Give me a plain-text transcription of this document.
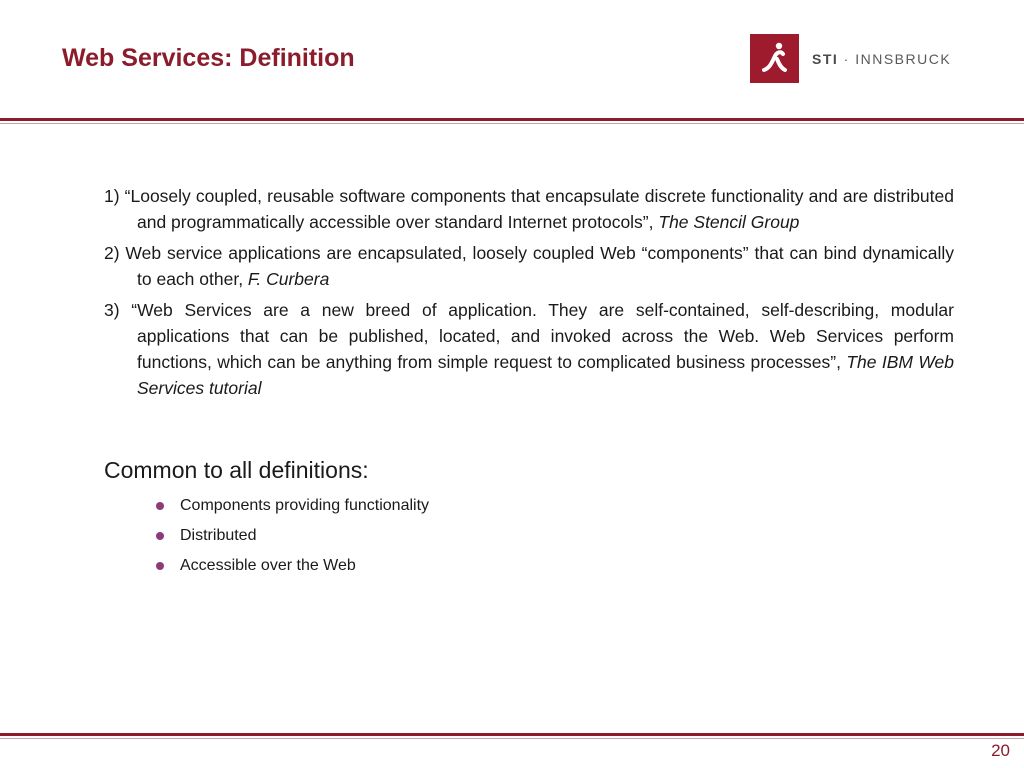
Web Services: Definition	STI · INNSBRUCK

1) “Loosely coupled, reusable software components that encapsulate discrete functionality and are distributed and programmatically accessible over standard Internet protocols”, The Stencil Group

2) Web service applications are encapsulated, loosely coupled Web “components” that can bind dynamically to each other, F. Curbera

3) “Web Services are a new breed of application. They are self-contained, self-describing, modular applications that can be published, located, and invoked across the Web. Web Services perform functions, which can be anything from simple request to complicated business processes”, The IBM Web Services tutorial

Common to all definitions:
Components providing functionality
Distributed
Accessible over the Web
20
